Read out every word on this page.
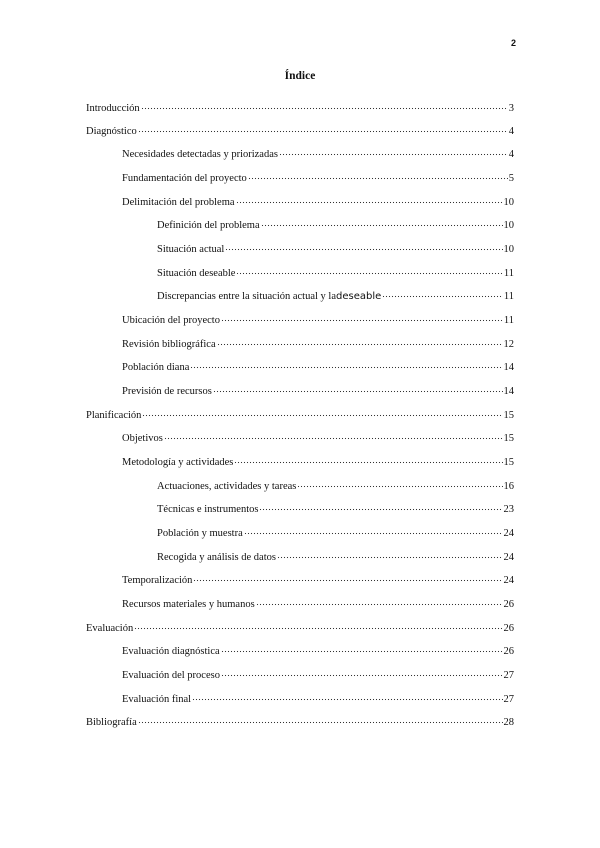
2
Índice
Introducción	3
Diagnóstico	4
Necesidades detectadas y priorizadas	4
Fundamentación del proyecto	5
Delimitación del problema	10
Definición del problema	10
Situación actual	10
Situación deseable	11
Discrepancias entre la situación actual y la deseable	11
Ubicación del proyecto	11
Revisión bibliográfica	12
Población diana	14
Previsión de recursos	14
Planificación	15
Objetivos	15
Metodología y actividades	15
Actuaciones, actividades y tareas	16
Técnicas e instrumentos	23
Población y muestra	24
Recogida y análisis de datos	24
Temporalización	24
Recursos materiales y humanos	26
Evaluación	26
Evaluación diagnóstica	26
Evaluación del proceso	27
Evaluación final	27
Bibliografía	28
